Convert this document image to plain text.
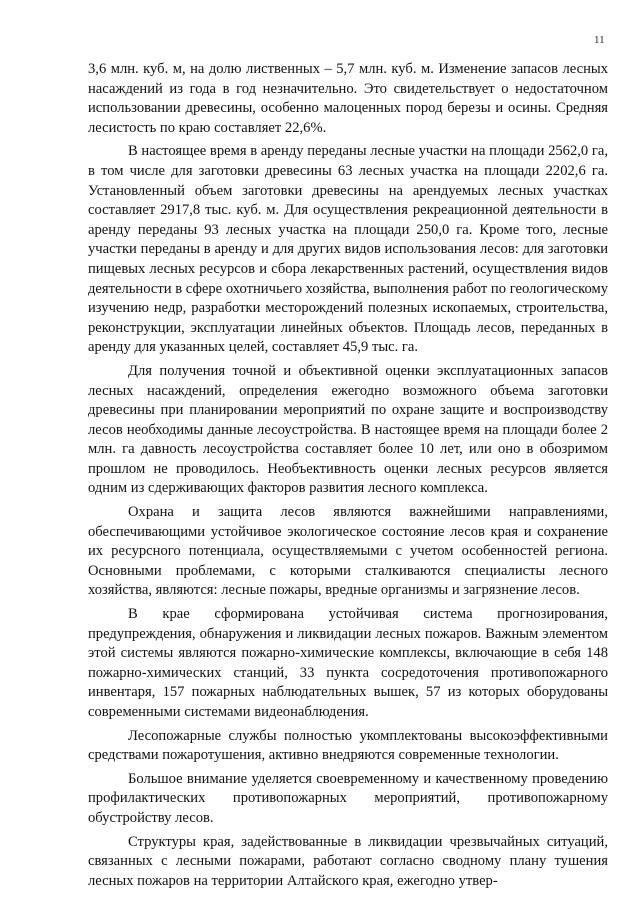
11

3,6 млн. куб. м, на долю лиственных – 5,7 млн. куб. м. Изменение запасов лесных насаждений из года в год незначительно. Это свидетельствует о недостаточном использовании древесины, особенно малоценных пород березы и осины. Средняя лесистость по краю составляет 22,6%.

В настоящее время в аренду переданы лесные участки на площади 2562,0 га, в том числе для заготовки древесины 63 лесных участка на площади 2202,6 га. Установленный объем заготовки древесины на арендуемых лесных участках составляет 2917,8 тыс. куб. м. Для осуществления рекреационной деятельности в аренду переданы 93 лесных участка на площади 250,0 га. Кроме того, лесные участки переданы в аренду и для других видов использования лесов: для заготовки пищевых лесных ресурсов и сбора лекарственных растений, осуществления видов деятельности в сфере охотничьего хозяйства, выполнения работ по геологическому изучению недр, разработки месторождений полезных ископаемых, строительства, реконструкции, эксплуатации линейных объектов. Площадь лесов, переданных в аренду для указанных целей, составляет 45,9 тыс. га.

Для получения точной и объективной оценки эксплуатационных запасов лесных насаждений, определения ежегодно возможного объема заготовки древесины при планировании мероприятий по охране защите и воспроизводству лесов необходимы данные лесоустройства. В настоящее время на площади более 2 млн. га давность лесоустройства составляет более 10 лет, или оно в обозримом прошлом не проводилось. Необъективность оценки лесных ресурсов является одним из сдерживающих факторов развития лесного комплекса.

Охрана и защита лесов являются важнейшими направлениями, обеспечивающими устойчивое экологическое состояние лесов края и сохранение их ресурсного потенциала, осуществляемыми с учетом особенностей региона. Основными проблемами, с которыми сталкиваются специалисты лесного хозяйства, являются: лесные пожары, вредные организмы и загрязнение лесов.

В крае сформирована устойчивая система прогнозирования, предупреждения, обнаружения и ликвидации лесных пожаров. Важным элементом этой системы являются пожарно-химические комплексы, включающие в себя 148 пожарно-химических станций, 33 пункта сосредоточения противопожарного инвентаря, 157 пожарных наблюдательных вышек, 57 из которых оборудованы современными системами видеонаблюдения.

Лесопожарные службы полностью укомплектованы высокоэффективными средствами пожаротушения, активно внедряются современные технологии.

Большое внимание уделяется своевременному и качественному проведению профилактических противопожарных мероприятий, противопожарному обустройству лесов.

Структуры края, задействованные в ликвидации чрезвычайных ситуаций, связанных с лесными пожарами, работают согласно сводному плану тушения лесных пожаров на территории Алтайского края, ежегодно утвер-
